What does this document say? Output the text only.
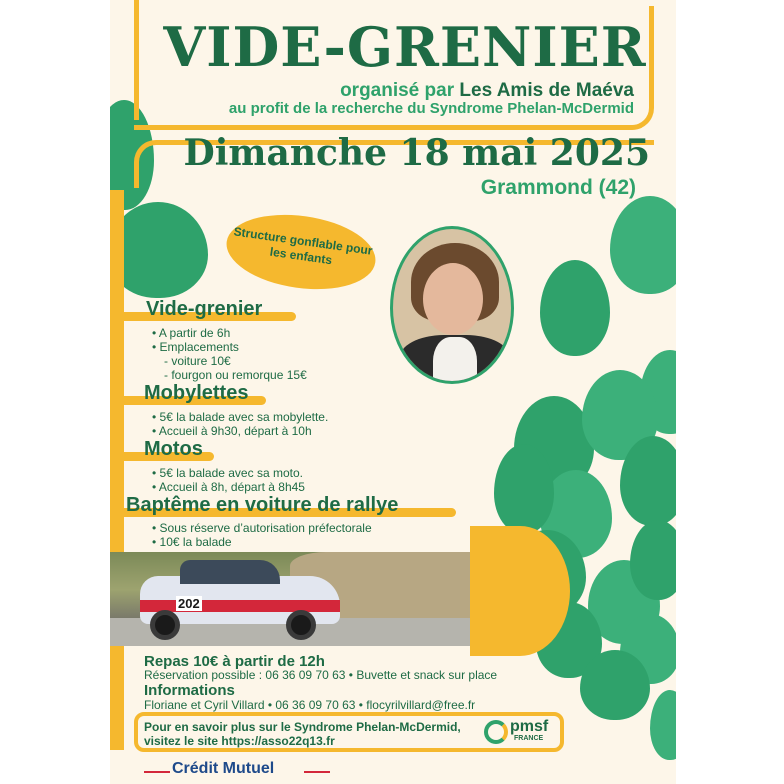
VIDE-GRENIER
organisé par Les Amis de Maéva
au profit de la recherche du Syndrome Phelan-McDermid
Dimanche 18 mai 2025
Grammond (42)
Structure gonflable pour les enfants
Vide-grenier
• A partir de 6h
• Emplacements
- voiture 10€
- fourgon ou remorque 15€
Mobylettes
• 5€ la balade avec sa mobylette.
• Accueil à 9h30, départ à 10h
Motos
• 5€ la balade avec sa moto.
• Accueil à 8h, départ à 8h45
Baptême en voiture de rallye
• Sous réserve d’autorisation préfectorale
• 10€ la balade
202
Repas 10€ à partir de 12h
Réservation possible : 06 36 09 70 63 • Buvette et snack sur place
Informations
Floriane et Cyril Villard • 06 36 09 70 63 • flocyrilvillard@free.fr
Pour en savoir plus sur le Syndrome Phelan-McDermid,
visitez le site https://asso22q13.fr
pmsf
FRANCE
Crédit Mutuel
